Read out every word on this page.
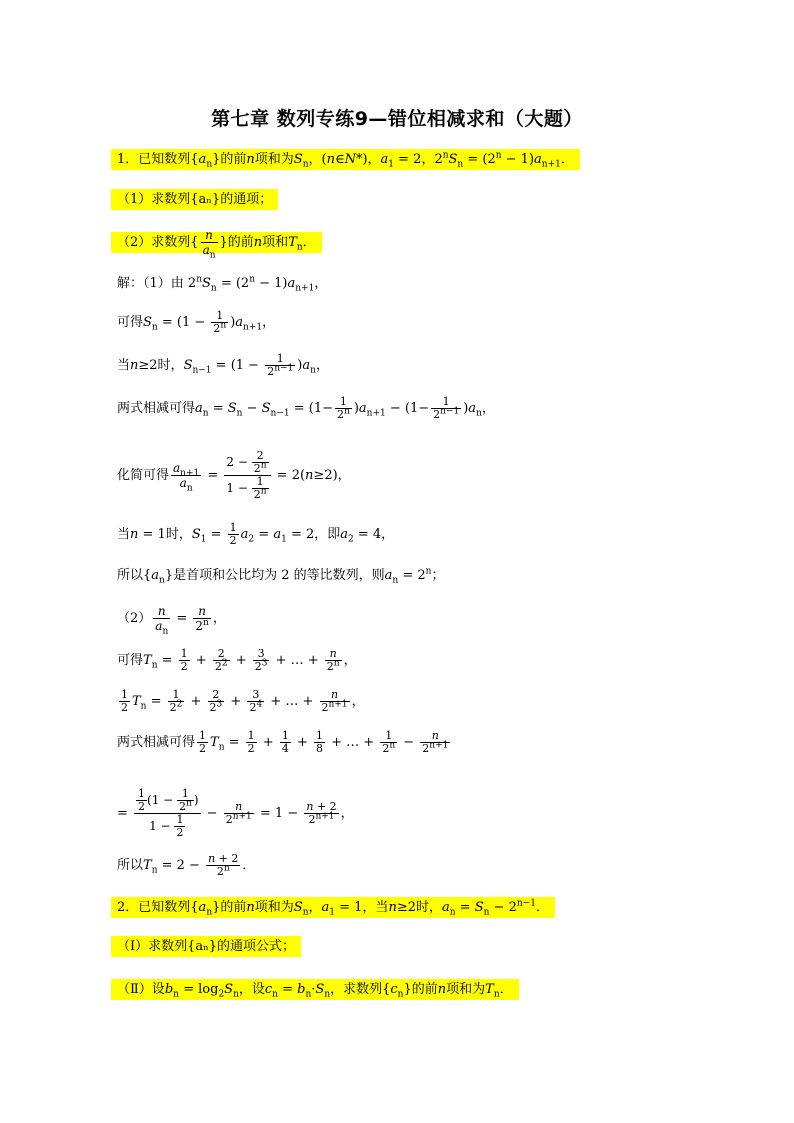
第七章 数列专练9—错位相减求和（大题）
1．已知数列$\{a_n\}$的前n项和为$S_n$，(n∈N*)，$a_1 = 2$，$2^nS_n = (2^n - 1)a_{n+1}$．
（1）求数列{aₙ}的通项；
（2）求数列{ $\frac{n}{a_n}$ }的前n项和$T_n$．
解：（1）由 $2^nS_n = (2^n - 1)a_{n+1}$，
可得$S_n = (1 - \frac{1}{2^n} )a_{n+1}$，
当n≥2时，$S_{n-1} = (1 - \frac{1}{2^{n-1}} )a_n$，
两式相减可得$a_n = S_n - S_{n-1} = (1- \frac{1}{2^n} )a_{n+1} - (1- \frac{1}{2^{n-1}} )a_n$，
化简可得 $\frac{a_{n+1}}{a_n} = \frac{2 - \frac{2}{2^n}}{1 - \frac{1}{2^n}} = 2(n\ge 2)$，
当n = 1时，$S_1 = \frac{1}{2} a_2 = a_1 = 2$，即$a_2 = 4$，
所以$\{a_n\}$是首项和公比均为 2 的等比数列，则$a_n = 2^n$；
$(2) \frac{n}{a_n} = \frac{n}{2^n}$ ，
可得$T_n = \frac{1}{2} + \frac{2}{2^2} + \frac{3}{2^3}$ + … + $\frac{n}{2^n}$ ，
$\frac{1}{2} T_n = \frac{1}{2^2} + \frac{2}{2^3} + \frac{3}{2^4}$ + … + $\frac{n}{2^{n+1}}$ ，
两式相减可得 $\frac{1}{2} T_n = \frac{1}{2} + \frac{1}{4} + \frac{1}{8}$ + … + $\frac{1}{2^n} - \frac{n}{2^{n+1}}$
= $\frac{\frac{1}{2} (1 - \frac{1}{2^n} )}{1 - \frac{1}{2}} - \frac{n}{2^{n+1}} = 1 - \frac{n + 2}{2^{n+1}}$ ，
所以$T_n = 2 - \frac{n + 2}{2^n}$ ．
2．已知数列$\{a_n\}$的前n项和为$S_n$，$a_1 = 1$，当n≥2时，$a_n = S_n - 2^{n-1}$．
（Ⅰ）求数列{aₙ}的通项公式；
（Ⅱ）设$b_n = \log_2S_n$，设$c_n = b_n\cdot S_n$，求数列$\{c_n\}$的前n项和为$T_n$．
